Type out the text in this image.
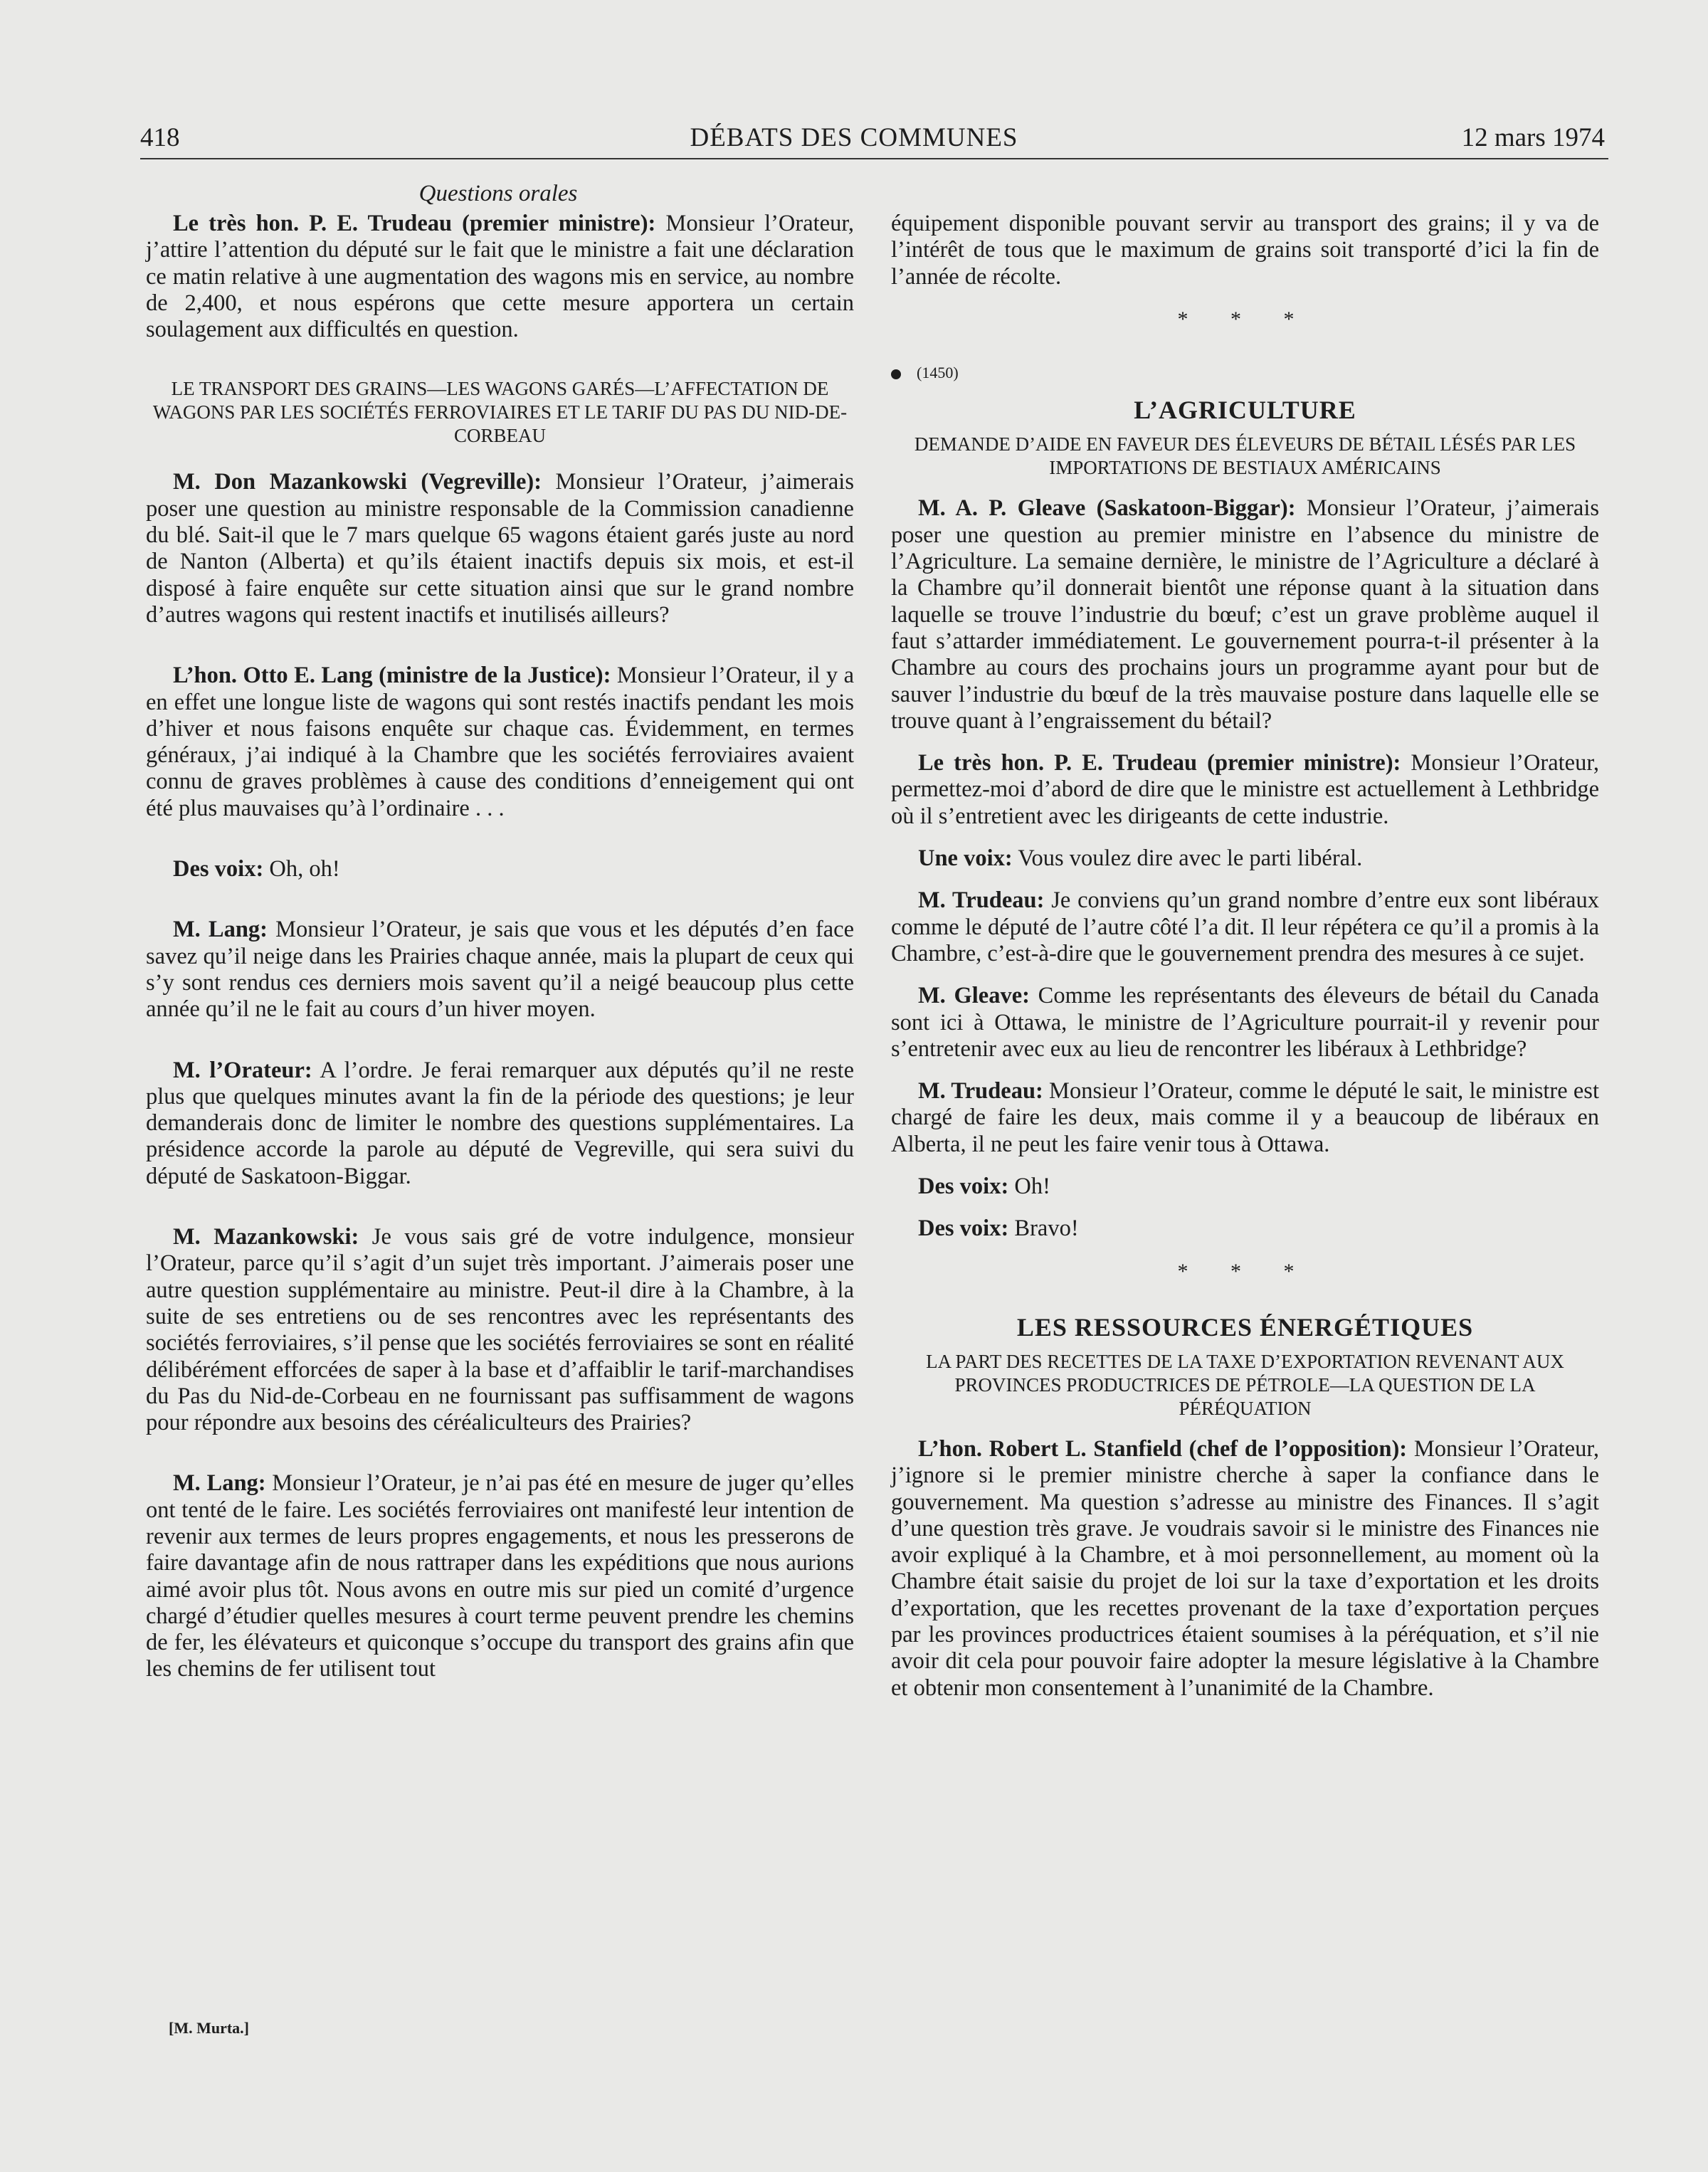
418	DÉBATS DES COMMUNES	12 mars 1974
Questions orales

Le très hon. P. E. Trudeau (premier ministre): Monsieur l’Orateur, j’attire l’attention du député sur le fait que le ministre a fait une déclaration ce matin relative à une augmentation des wagons mis en service, au nombre de 2,400, et nous espérons que cette mesure apportera un certain soulagement aux difficultés en question.

LE TRANSPORT DES GRAINS—LES WAGONS GARÉS—L’AFFECTATION DE WAGONS PAR LES SOCIÉTÉS FERROVIAIRES ET LE TARIF DU PAS DU NID-DE-CORBEAU

M. Don Mazankowski (Vegreville): Monsieur l’Orateur, j’aimerais poser une question au ministre responsable de la Commission canadienne du blé. Sait-il que le 7 mars quelque 65 wagons étaient garés juste au nord de Nanton (Alberta) et qu’ils étaient inactifs depuis six mois, et est-il disposé à faire enquête sur cette situation ainsi que sur le grand nombre d’autres wagons qui restent inactifs et inutilisés ailleurs?

L’hon. Otto E. Lang (ministre de la Justice): Monsieur l’Orateur, il y a en effet une longue liste de wagons qui sont restés inactifs pendant les mois d’hiver et nous faisons enquête sur chaque cas. Évidemment, en termes généraux, j’ai indiqué à la Chambre que les sociétés ferroviaires avaient connu de graves problèmes à cause des conditions d’enneigement qui ont été plus mauvaises qu’à l’ordinaire . . .

Des voix: Oh, oh!

M. Lang: Monsieur l’Orateur, je sais que vous et les députés d’en face savez qu’il neige dans les Prairies chaque année, mais la plupart de ceux qui s’y sont rendus ces derniers mois savent qu’il a neigé beaucoup plus cette année qu’il ne le fait au cours d’un hiver moyen.

M. l’Orateur: A l’ordre. Je ferai remarquer aux députés qu’il ne reste plus que quelques minutes avant la fin de la période des questions; je leur demanderais donc de limiter le nombre des questions supplémentaires. La présidence accorde la parole au député de Vegreville, qui sera suivi du député de Saskatoon-Biggar.

M. Mazankowski: Je vous sais gré de votre indulgence, monsieur l’Orateur, parce qu’il s’agit d’un sujet très important. J’aimerais poser une autre question supplémentaire au ministre. Peut-il dire à la Chambre, à la suite de ses entretiens ou de ses rencontres avec les représentants des sociétés ferroviaires, s’il pense que les sociétés ferroviaires se sont en réalité délibérément efforcées de saper à la base et d’affaiblir le tarif-marchandises du Pas du Nid-de-Corbeau en ne fournissant pas suffisamment de wagons pour répondre aux besoins des céréaliculteurs des Prairies?

M. Lang: Monsieur l’Orateur, je n’ai pas été en mesure de juger qu’elles ont tenté de le faire. Les sociétés ferroviaires ont manifesté leur intention de revenir aux termes de leurs propres engagements, et nous les presserons de faire davantage afin de nous rattraper dans les expéditions que nous aurions aimé avoir plus tôt. Nous avons en outre mis sur pied un comité d’urgence chargé d’étudier quelles mesures à court terme peuvent prendre les chemins de fer, les élévateurs et quiconque s’occupe du transport des grains afin que les chemins de fer utilisent tout

[M. Murta.]

équipement disponible pouvant servir au transport des grains; il y va de l’intérêt de tous que le maximum de grains soit transporté d’ici la fin de l’année de récolte.

* * *
(1450)
L’AGRICULTURE
DEMANDE D’AIDE EN FAVEUR DES ÉLEVEURS DE BÉTAIL LÉSÉS PAR LES IMPORTATIONS DE BESTIAUX AMÉRICAINS

M. A. P. Gleave (Saskatoon-Biggar): Monsieur l’Orateur, j’aimerais poser une question au premier ministre en l’absence du ministre de l’Agriculture. La semaine dernière, le ministre de l’Agriculture a déclaré à la Chambre qu’il donnerait bientôt une réponse quant à la situation dans laquelle se trouve l’industrie du bœuf; c’est un grave problème auquel il faut s’attarder immédiatement. Le gouvernement pourra-t-il présenter à la Chambre au cours des prochains jours un programme ayant pour but de sauver l’industrie du bœuf de la très mauvaise posture dans laquelle elle se trouve quant à l’engraissement du bétail?

Le très hon. P. E. Trudeau (premier ministre): Monsieur l’Orateur, permettez-moi d’abord de dire que le ministre est actuellement à Lethbridge où il s’entretient avec les dirigeants de cette industrie.

Une voix: Vous voulez dire avec le parti libéral.

M. Trudeau: Je conviens qu’un grand nombre d’entre eux sont libéraux comme le député de l’autre côté l’a dit. Il leur répétera ce qu’il a promis à la Chambre, c’est-à-dire que le gouvernement prendra des mesures à ce sujet.

M. Gleave: Comme les représentants des éleveurs de bétail du Canada sont ici à Ottawa, le ministre de l’Agriculture pourrait-il y revenir pour s’entretenir avec eux au lieu de rencontrer les libéraux à Lethbridge?

M. Trudeau: Monsieur l’Orateur, comme le député le sait, le ministre est chargé de faire les deux, mais comme il y a beaucoup de libéraux en Alberta, il ne peut les faire venir tous à Ottawa.

Des voix: Oh!

Des voix: Bravo!

* * *
LES RESSOURCES ÉNERGÉTIQUES
LA PART DES RECETTES DE LA TAXE D’EXPORTATION REVENANT AUX PROVINCES PRODUCTRICES DE PÉTROLE—LA QUESTION DE LA PÉRÉQUATION

L’hon. Robert L. Stanfield (chef de l’opposition): Monsieur l’Orateur, j’ignore si le premier ministre cherche à saper la confiance dans le gouvernement. Ma question s’adresse au ministre des Finances. Il s’agit d’une question très grave. Je voudrais savoir si le ministre des Finances nie avoir expliqué à la Chambre, et à moi personnellement, au moment où la Chambre était saisie du projet de loi sur la taxe d’exportation et les droits d’exportation, que les recettes provenant de la taxe d’exportation perçues par les provinces productrices étaient soumises à la péréquation, et s’il nie avoir dit cela pour pouvoir faire adopter la mesure législative à la Chambre et obtenir mon consentement à l’unanimité de la Chambre.
